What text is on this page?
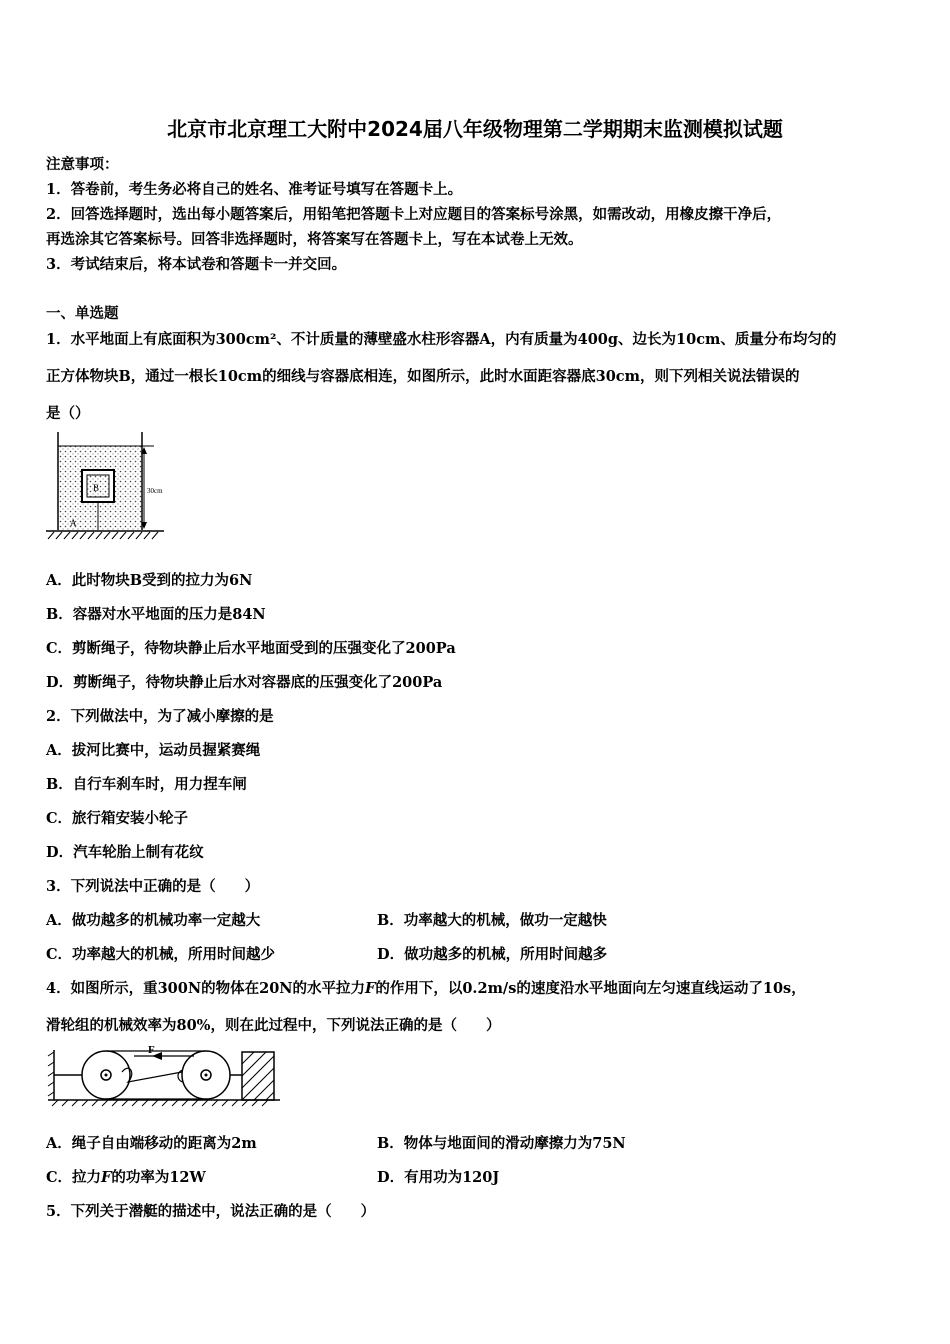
北京市北京理工大附中2024届八年级物理第二学期期末监测模拟试题
注意事项：
1．答卷前，考生务必将自己的姓名、准考证号填写在答题卡上。
2．回答选择题时，选出每小题答案后，用铅笔把答题卡上对应题目的答案标号涂黑，如需改动，用橡皮擦干净后，
再选涂其它答案标号。回答非选择题时，将答案写在答题卡上，写在本试卷上无效。
3．考试结束后，将本试卷和答题卡一并交回。
一、单选题
1．水平地面上有底面积为300cm²、不计质量的薄壁盛水柱形容器A，内有质量为400g、边长为10cm、质量分布均匀的
正方体物块B，通过一根长10cm的细线与容器底相连，如图所示，此时水面距容器底30cm，则下列相关说法错误的
是（）
B
A
30cm
A．此时物块B受到的拉力为6N
B．容器对水平地面的压力是84N
C．剪断绳子，待物块静止后水平地面受到的压强变化了200Pa
D．剪断绳子，待物块静止后水对容器底的压强变化了200Pa
2．下列做法中，为了减小摩擦的是
A．拔河比赛中，运动员握紧赛绳
B．自行车刹车时，用力捏车闸
C．旅行箱安装小轮子
D．汽车轮胎上制有花纹
3．下列说法中正确的是（　　）
A．做功越多的机械功率一定越大	B．功率越大的机械，做功一定越快
C．功率越大的机械，所用时间越少	D．做功越多的机械，所用时间越多
4．如图所示，重300N的物体在20N的水平拉力F的作用下，以0.2m/s的速度沿水平地面向左匀速直线运动了10s，
滑轮组的机械效率为80%，则在此过程中，下列说法正确的是（　　）
F
A．绳子自由端移动的距离为2m	B．物体与地面间的滑动摩擦力为75N
C．拉力F的功率为12W	D．有用功为120J
5．下列关于潜艇的描述中，说法正确的是（　　）
